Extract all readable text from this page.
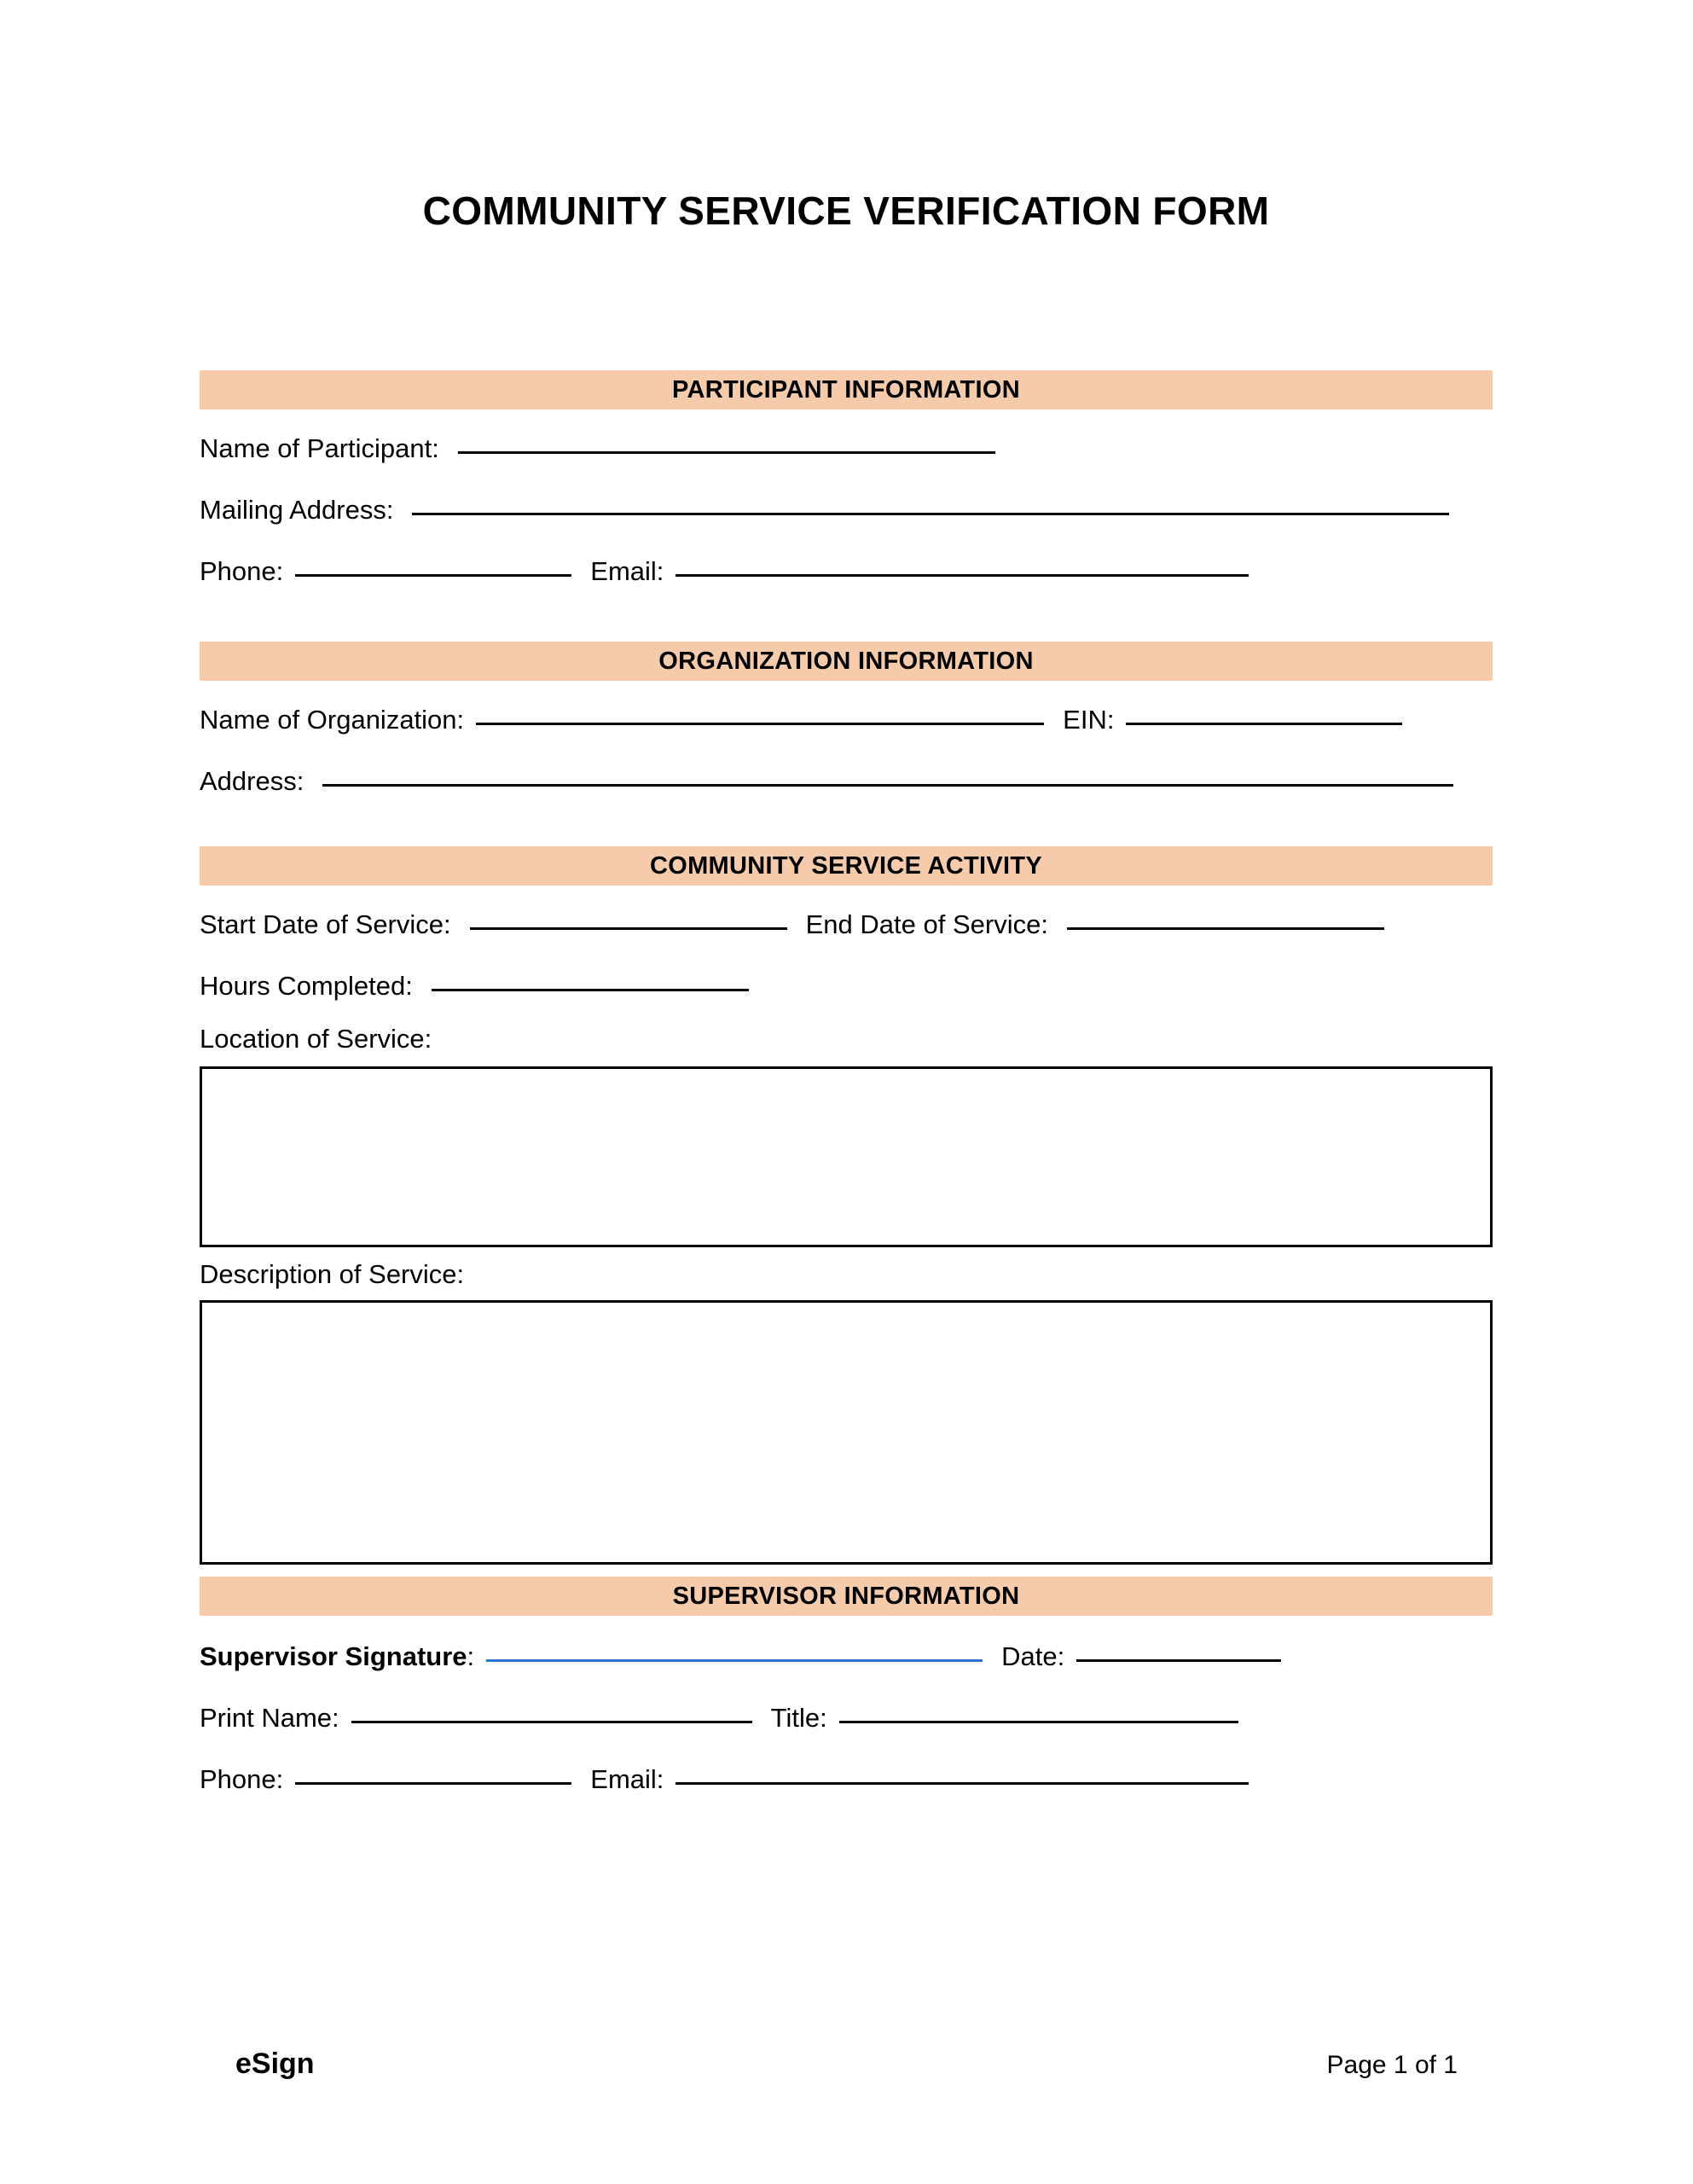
COMMUNITY SERVICE VERIFICATION FORM
PARTICIPANT INFORMATION
Name of Participant:
Mailing Address:
Phone:	Email:
ORGANIZATION INFORMATION
Name of Organization:	EIN:
Address:
COMMUNITY SERVICE ACTIVITY
Start Date of Service:	End Date of Service:
Hours Completed:
Location of Service:
Description of Service:
SUPERVISOR INFORMATION
Supervisor Signature :	Date:
Print Name:	Title:
Phone:	Email:
eSign	Page 1 of 1
